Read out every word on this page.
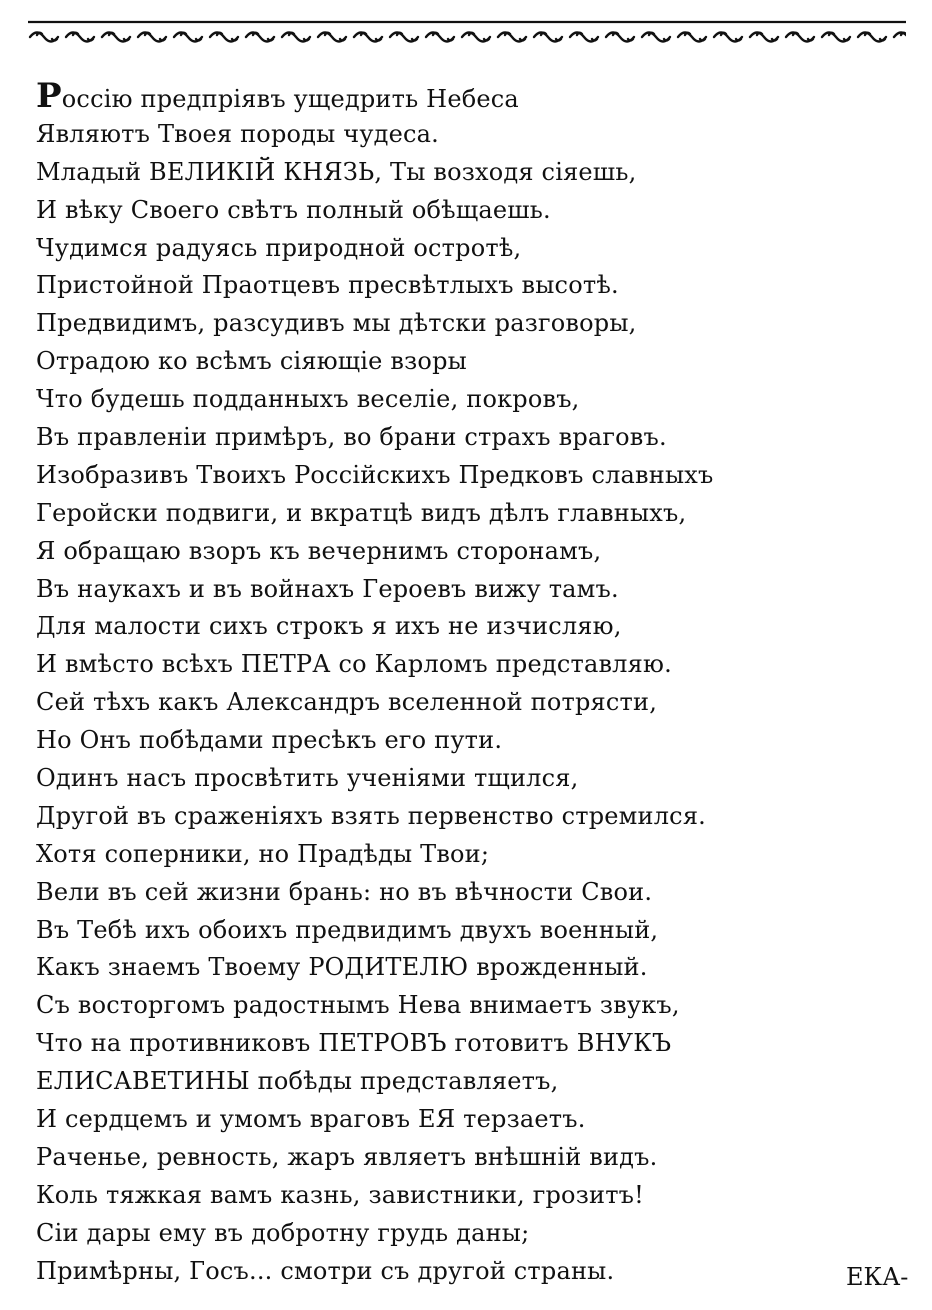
Россію предпріявъ ущедрить Небеса
Являютъ Твоея породы чудеса.
Младый ВЕЛИКІЙ КНЯЗЬ, Ты возходя сіяешь,
И вѣку Своего свѣтъ полный обѣщаешь.
Чудимся радуясь природной остротѣ,
Пристойной Праотцевъ пресвѣтлыхъ высотѣ.
Предвидимъ, разсудивъ мы дѣтски разговоры,
Отрадою ко всѣмъ сіяющіе взоры
Что будешь подданныхъ веселіе, покровъ,
Въ правленіи примѣръ, во брани страхъ враговъ.
Изобразивъ Твоихъ Россійскихъ Предковъ славныхъ
Геройски подвиги, и вкратцѣ видъ дѣлъ главныхъ,
Я обращаю взоръ къ вечернимъ сторонамъ,
Въ наукахъ и въ войнахъ Героевъ вижу тамъ.
Для малости сихъ строкъ я ихъ не изчисляю,
И вмѣсто всѣхъ ПЕТРА со Карломъ представляю.
Сей тѣхъ какъ Александръ вселенной потрясти,
Но Онъ побѣдами пресѣкъ его пути.
Одинъ насъ просвѣтить ученіями тщился,
Другой въ сраженіяхъ взять первенство стремился.
Хотя соперники, но Прадѣды Твои;
Вели въ сей жизни брань: но въ вѣчности Свои.
Въ Тебѣ ихъ обоихъ предвидимъ двухъ военный,
Какъ знаемъ Твоему РОДИТЕЛЮ врожденный.
Съ восторгомъ радостнымъ Нева внимаетъ звукъ,
Что на противниковъ ПЕТРОВЪ готовитъ ВНУКЪ
ЕЛИСАВЕТИНЫ побѣды представляетъ,
И сердцемъ и умомъ враговъ ЕЯ терзаетъ.
Раченье, ревность, жаръ являетъ внѣшній видъ.
Коль тяжкая вамъ казнь, завистники, грозитъ!
Сіи дары ему въ добротну грудь даны;
Примѣрны, Госъ... смотри съ другой страны.	ЕКА-
